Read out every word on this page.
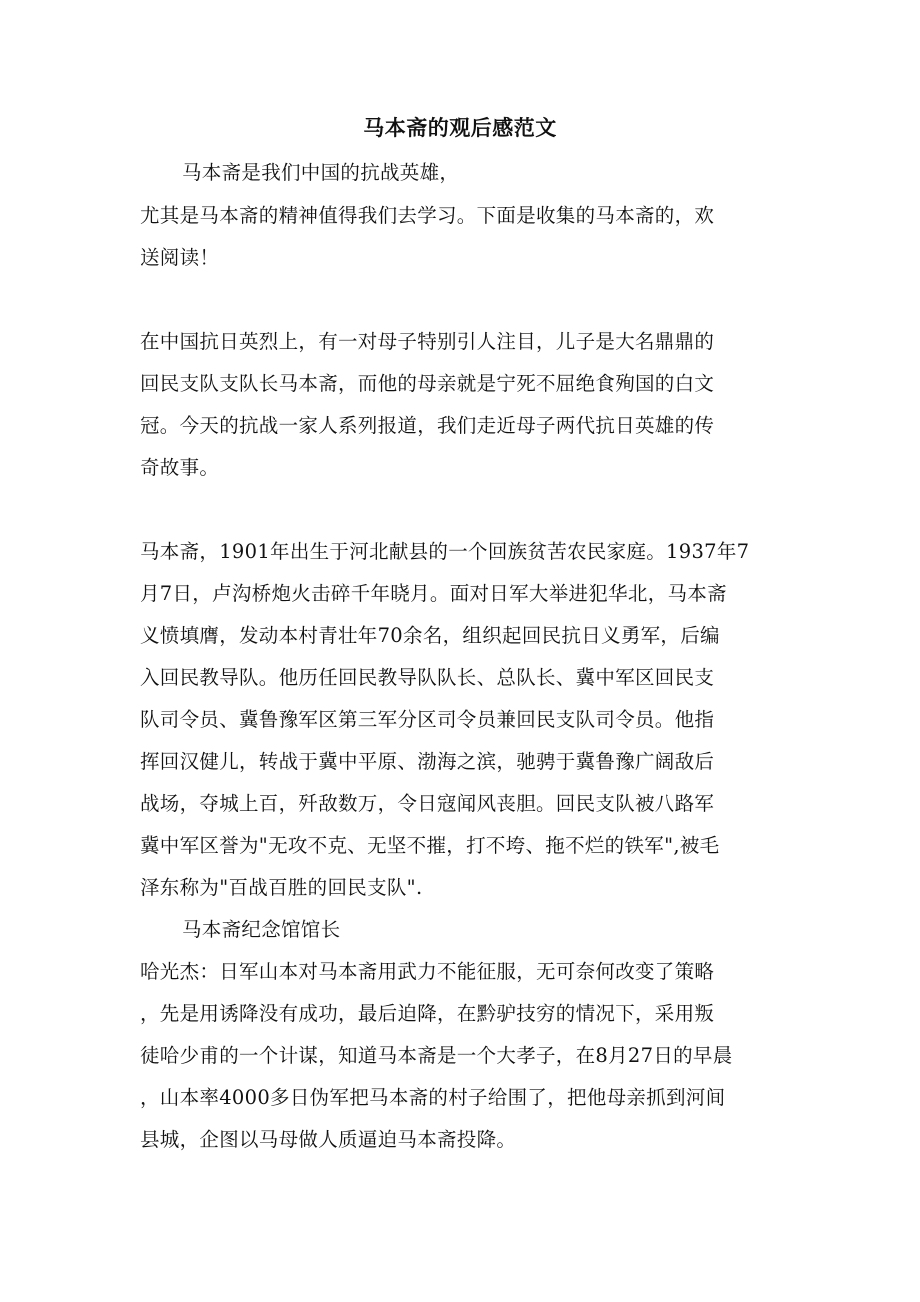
马本斋的观后感范文
马本斋是我们中国的抗战英雄，
尤其是马本斋的精神值得我们去学习。下面是收集的马本斋的，欢
送阅读！
在中国抗日英烈上，有一对母子特别引人注目，儿子是大名鼎鼎的
回民支队支队长马本斋，而他的母亲就是宁死不屈绝食殉国的白文
冠。今天的抗战一家人系列报道，我们走近母子两代抗日英雄的传
奇故事。
马本斋，1901年出生于河北献县的一个回族贫苦农民家庭。1937年7
月7日，卢沟桥炮火击碎千年晓月。面对日军大举进犯华北，马本斋
义愤填膺，发动本村青壮年70余名，组织起回民抗日义勇军，后编
入回民教导队。他历任回民教导队队长、总队长、冀中军区回民支
队司令员、冀鲁豫军区第三军分区司令员兼回民支队司令员。他指
挥回汉健儿，转战于冀中平原、渤海之滨，驰骋于冀鲁豫广阔敌后
战场，夺城上百，歼敌数万，令日寇闻风丧胆。回民支队被八路军
冀中军区誉为"无攻不克、无坚不摧，打不垮、拖不烂的铁军",被毛
泽东称为"百战百胜的回民支队".
马本斋纪念馆馆长
哈光杰：日军山本对马本斋用武力不能征服，无可奈何改变了策略
，先是用诱降没有成功，最后迫降，在黔驴技穷的情况下，采用叛
徒哈少甫的一个计谋，知道马本斋是一个大孝子，在8月27日的早晨
，山本率4000多日伪军把马本斋的村子给围了，把他母亲抓到河间
县城，企图以马母做人质逼迫马本斋投降。
